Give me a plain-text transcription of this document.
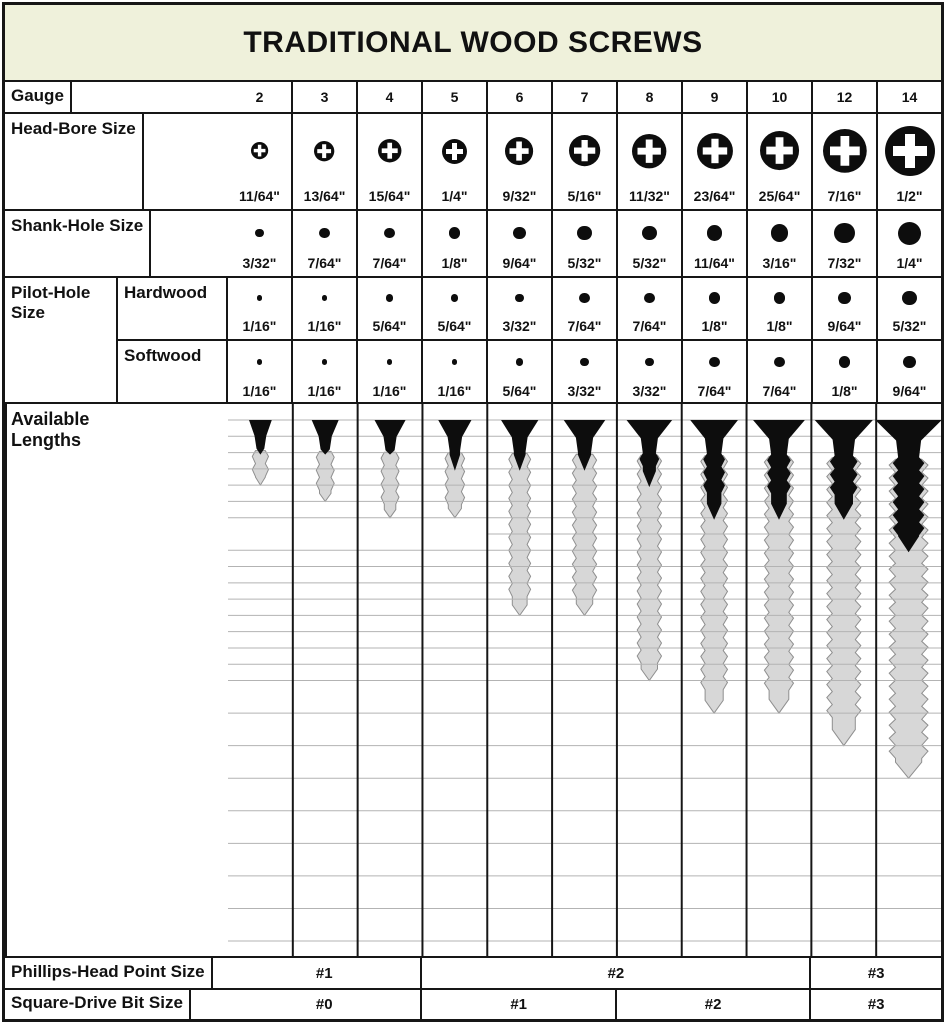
TRADITIONAL WOOD SCREWS
Gauge	2	3	4	5	6	7	8	9	10	12	14
Head-Bore Size
11/64" 13/64" 15/64" 1/4"	9/32" 5/16" 11/32" 23/64" 25/64" 7/16"	1/2"
Shank-Hole Size
3/32" 7/64" 7/64"	1/8"	9/64" 5/32" 5/32" 11/64" 3/16" 7/32"	1/4"
Pilot-Hole Size
Hardwood
1/16" 1/16" 5/64" 5/64" 3/32" 7/64" 7/64"	1/8"	1/8"	9/64" 5/32"
Softwood
1/16" 1/16" 1/16" 1/16" 5/64" 3/32" 3/32" 7/64" 7/64"	1/8"	9/64"
Available Lengths
Phillips-Head Point Size	#1	#2	#3
Square-Drive Bit Size	#0	#1	#2	#3
